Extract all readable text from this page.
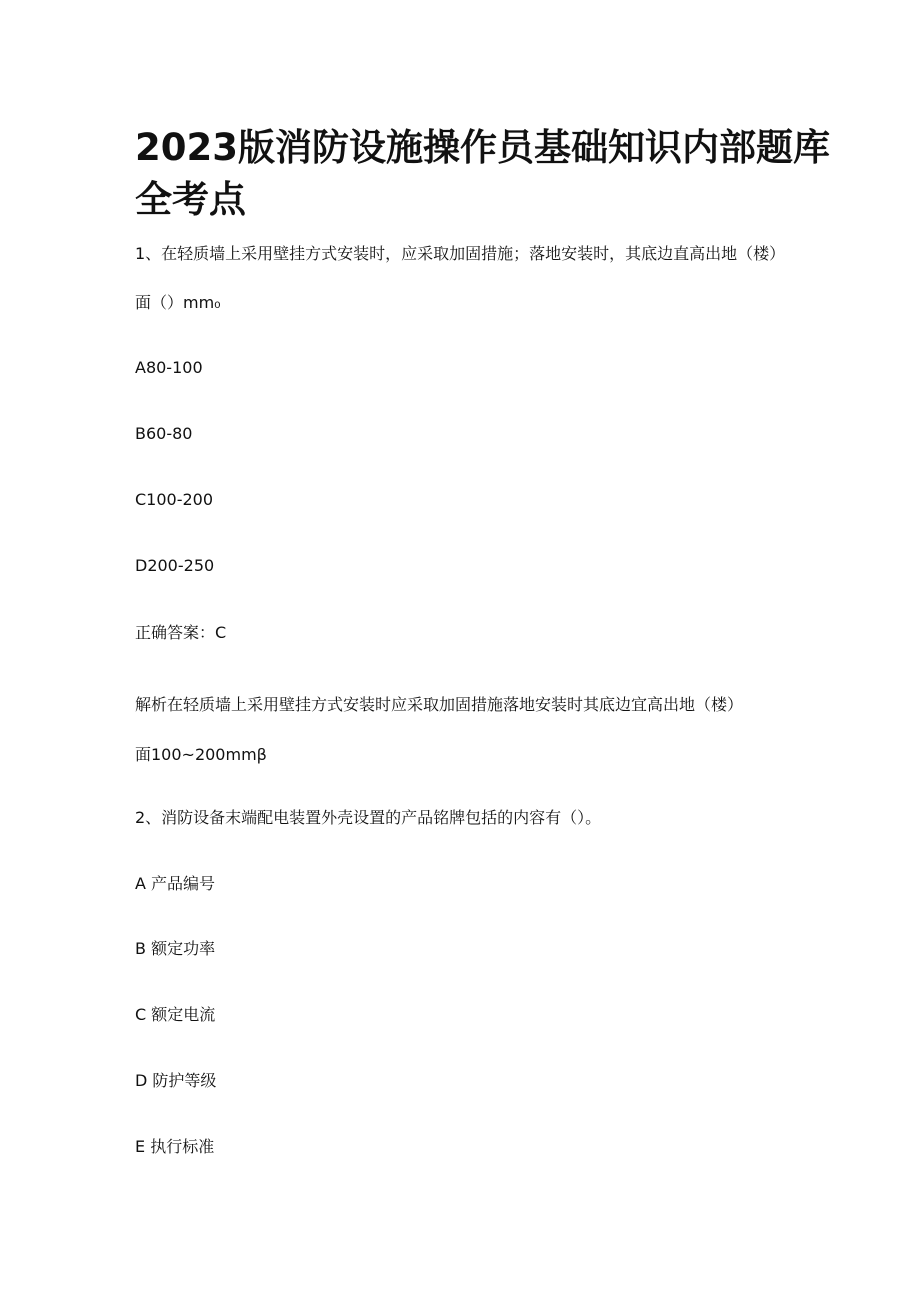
2023版消防设施操作员基础知识内部题库
全考点
1、在轻质墙上采用壁挂方式安装时，应采取加固措施；落地安装时，其底边直高出地（楼）
面（）mm₀
A80-100
B60-80
C100-200
D200-250
正确答案：C
解析在轻质墙上采用壁挂方式安装时应采取加固措施落地安装时其底边宜高出地（楼）
面100~200mmβ
2、消防设备末端配电装置外壳设置的产品铭牌包括的内容有（）。
A 产品编号
B 额定功率
C 额定电流
D 防护等级
E 执行标准
